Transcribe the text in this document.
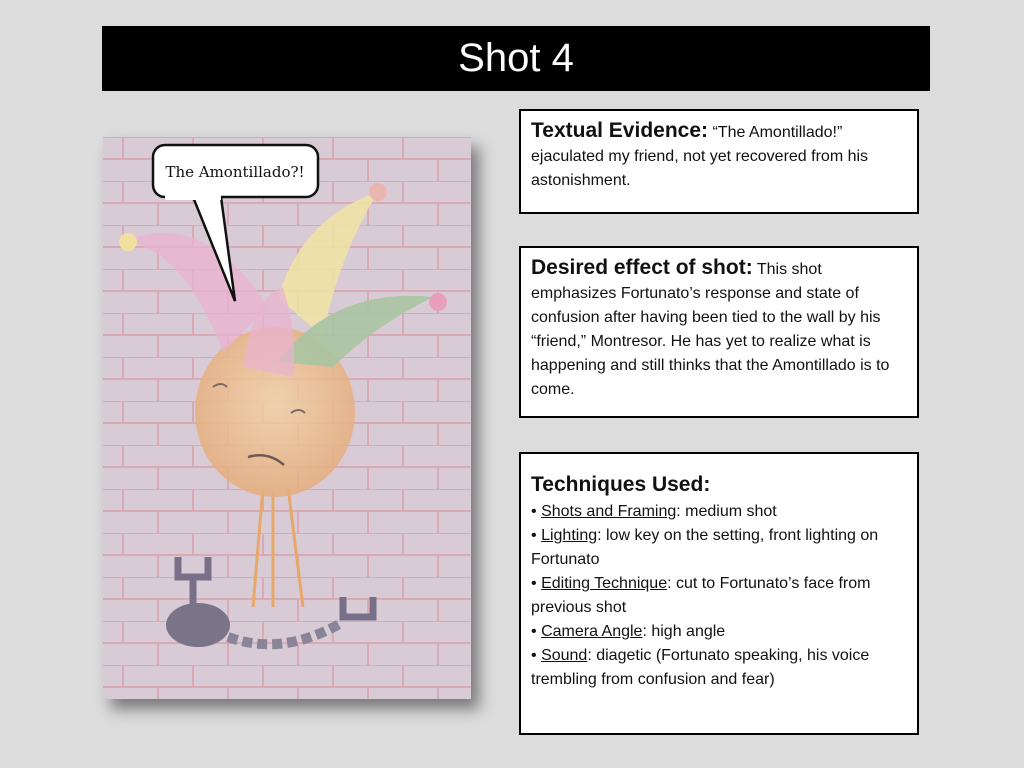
Shot 4
The Amontillado?!
Textual Evidence: “The Amontillado!” ejaculated my friend, not yet recovered from his astonishment.
Desired effect of shot: This shot emphasizes Fortunato’s response and state of confusion after having been tied to the wall by his “friend,” Montresor. He has yet to realize what is happening and still thinks that the Amontillado is to come.
Techniques Used:
• Shots and Framing: medium shot
• Lighting: low key on the setting, front lighting on Fortunato
• Editing Technique: cut to Fortunato’s face from previous shot
• Camera Angle: high angle
• Sound: diagetic (Fortunato speaking, his voice trembling from confusion and fear)
